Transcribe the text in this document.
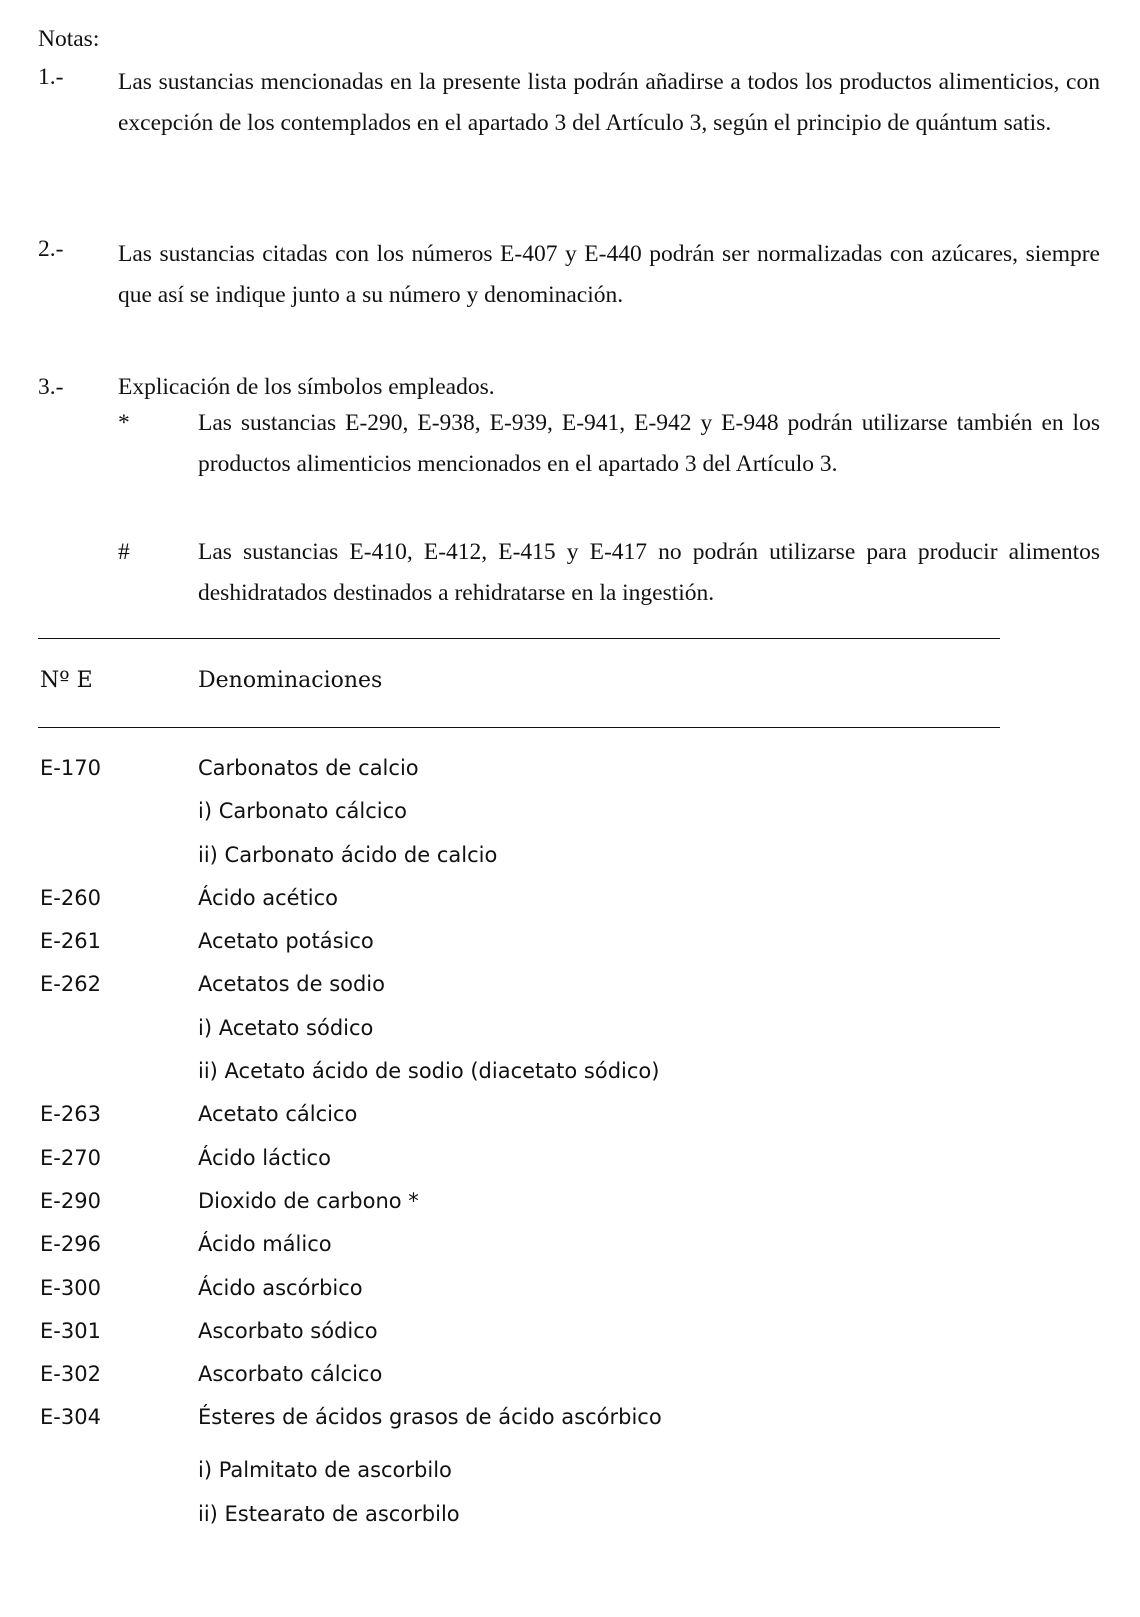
Notas:
1.- Las sustancias mencionadas en la presente lista podrán añadirse a todos los productos alimenticios, con excepción de los contemplados en el apartado 3 del Artículo 3, según el principio de quántum satis.
2.- Las sustancias citadas con los números E-407 y E-440 podrán ser normalizadas con azúcares, siempre que así se indique junto a su número y denominación.
3.- Explicación de los símbolos empleados.
*	Las sustancias E-290, E-938, E-939, E-941, E-942 y E-948 podrán utilizarse también en los productos alimenticios mencionados en el apartado 3 del Artículo 3.
#	Las sustancias E-410, E-412, E-415 y E-417 no podrán utilizarse para producir alimentos deshidratados destinados a rehidratarse en la ingestión.
Nº E	Denominaciones
E-170	Carbonatos de calcio
i) Carbonato cálcico
ii) Carbonato ácido de calcio
E-260	Ácido acético
E-261	Acetato potásico
E-262	Acetatos de sodio
i) Acetato sódico
ii) Acetato ácido de sodio (diacetato sódico)
E-263	Acetato cálcico
E-270	Ácido láctico
E-290	Dioxido de carbono *
E-296	Ácido málico
E-300	Ácido ascórbico
E-301	Ascorbato sódico
E-302	Ascorbato cálcico
E-304	Ésteres de ácidos grasos de ácido ascórbico
i) Palmitato de ascorbilo
ii) Estearato de ascorbilo
